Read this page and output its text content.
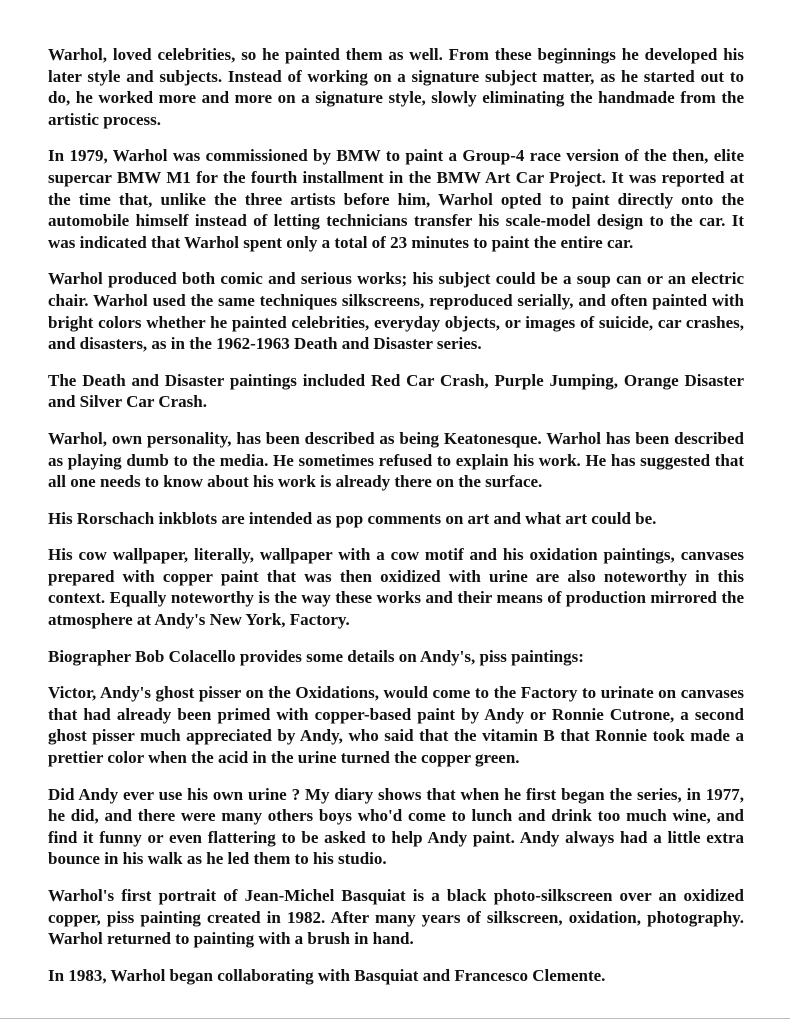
Warhol, loved celebrities, so he painted them as well. From these beginnings he developed his later style and subjects. Instead of working on a signature subject matter, as he started out to do, he worked more and more on a signature style, slowly eliminating the handmade from the artistic process.

In 1979, Warhol was commissioned by BMW to paint a Group-4 race version of the then, elite supercar BMW M1 for the fourth installment in the BMW Art Car Project. It was reported at the time that, unlike the three artists before him, Warhol opted to paint directly onto the automobile himself instead of letting technicians transfer his scale-model design to the car. It was indicated that Warhol spent only a total of 23 minutes to paint the entire car.

Warhol produced both comic and serious works; his subject could be a soup can or an electric chair. Warhol used the same techniques silkscreens, reproduced serially, and often painted with bright colors whether he painted celebrities, everyday objects, or images of suicide, car crashes, and disasters, as in the 1962-1963 Death and Disaster series.

The Death and Disaster paintings included Red Car Crash, Purple Jumping, Orange Disaster and Silver Car Crash.

Warhol, own personality, has been described as being Keatonesque. Warhol has been described as playing dumb to the media. He sometimes refused to explain his work. He has suggested that all one needs to know about his work is already there on the surface.

His Rorschach inkblots are intended as pop comments on art and what art could be.

His cow wallpaper, literally, wallpaper with a cow motif and his oxidation paintings, canvases prepared with copper paint that was then oxidized with urine are also noteworthy in this context. Equally noteworthy is the way these works and their means of production mirrored the atmosphere at Andy's New York, Factory.

Biographer Bob Colacello provides some details on Andy's, piss paintings:

Victor, Andy's ghost pisser on the Oxidations, would come to the Factory to urinate on canvases that had already been primed with copper-based paint by Andy or Ronnie Cutrone, a second ghost pisser much appreciated by Andy, who said that the vitamin B that Ronnie took made a prettier color when the acid in the urine turned the copper green.

Did Andy ever use his own urine ? My diary shows that when he first began the series, in 1977, he did, and there were many others boys who'd come to lunch and drink too much wine, and find it funny or even flattering to be asked to help Andy paint. Andy always had a little extra bounce in his walk as he led them to his studio.

Warhol's first portrait of Jean-Michel Basquiat is a black photo-silkscreen over an oxidized copper, piss painting created in 1982. After many years of silkscreen, oxidation, photography. Warhol returned to painting with a brush in hand.

In 1983, Warhol began collaborating with Basquiat and Francesco Clemente.
